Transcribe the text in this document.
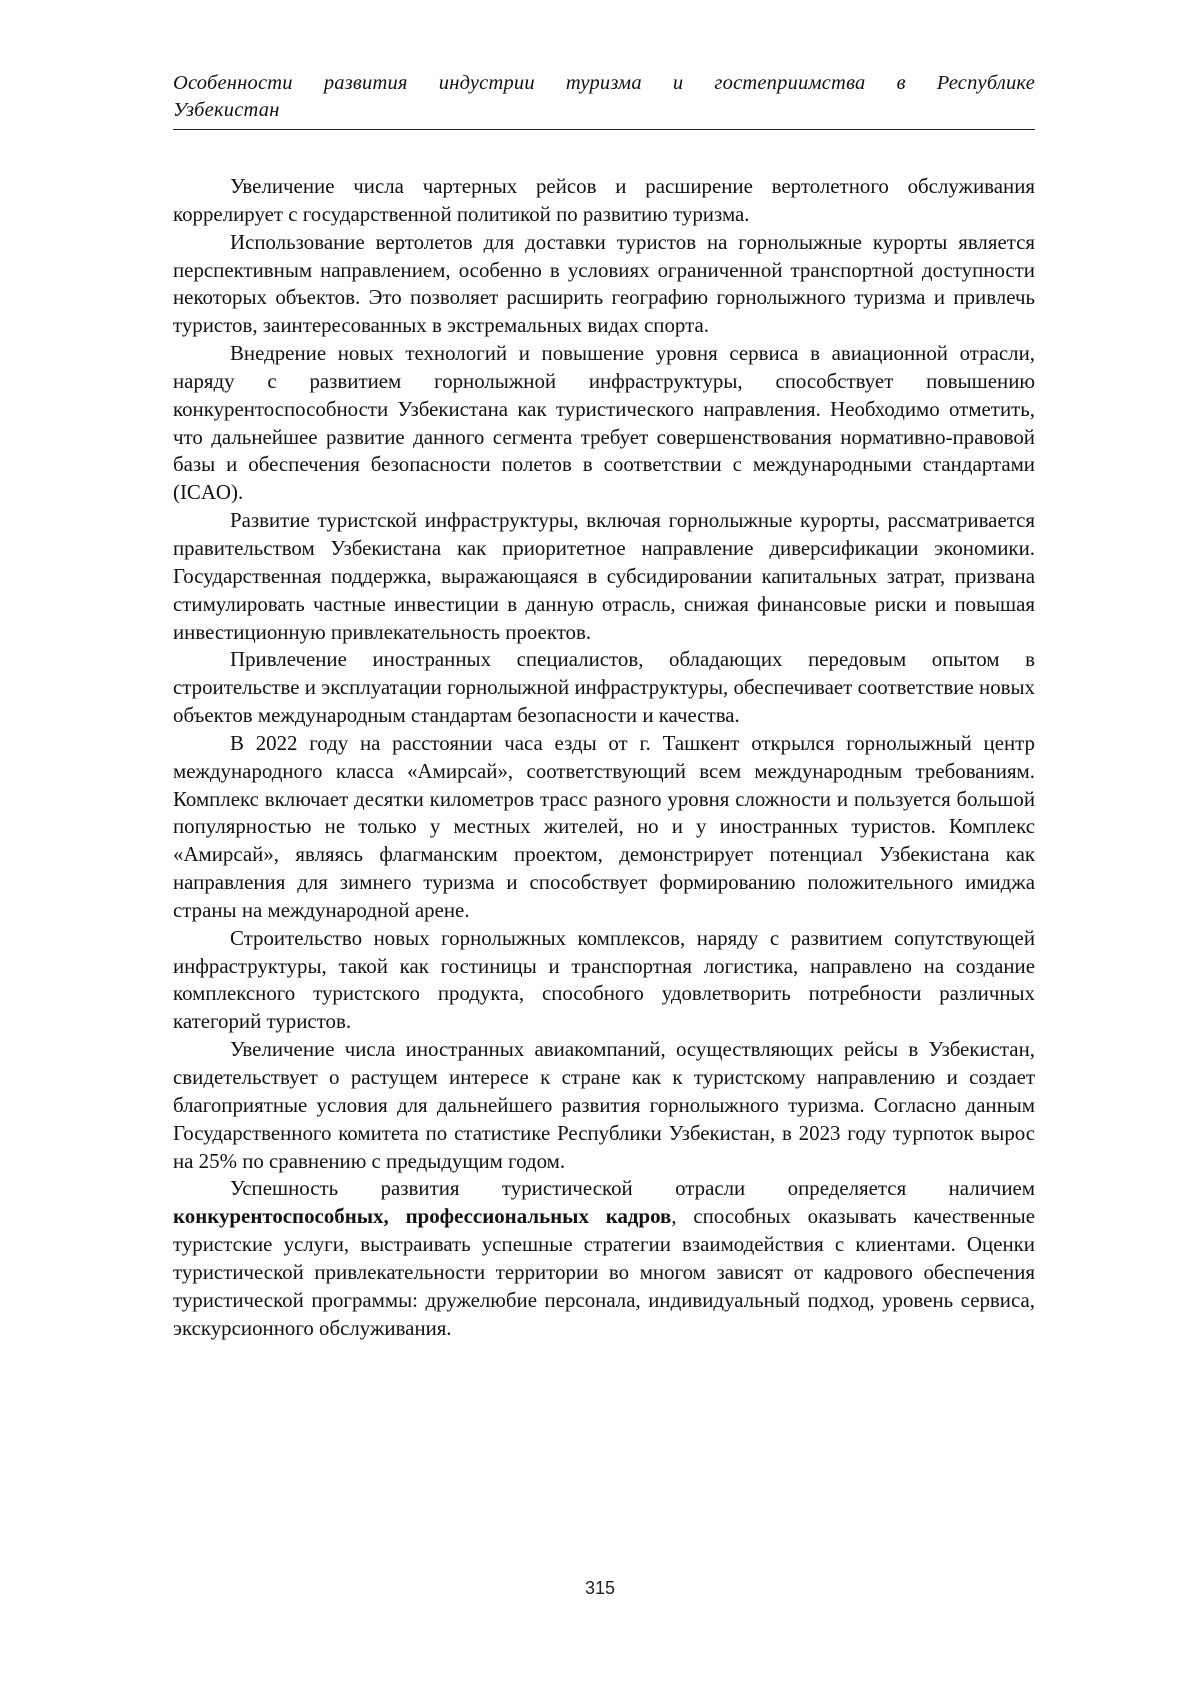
Особенности развития индустрии туризма и гостеприимства в Республике
Узбекистан

Увеличение числа чартерных рейсов и расширение вертолетного обслуживания коррелирует с государственной политикой по развитию туризма.

Использование вертолетов для доставки туристов на горнолыжные курорты является перспективным направлением, особенно в условиях ограниченной транспортной доступности некоторых объектов. Это позволяет расширить географию горнолыжного туризма и привлечь туристов, заинтересованных в экстремальных видах спорта.

Внедрение новых технологий и повышение уровня сервиса в авиационной отрасли, наряду с развитием горнолыжной инфраструктуры, способствует повышению конкурентоспособности Узбекистана как туристического направления. Необходимо отметить, что дальнейшее развитие данного сегмента требует совершенствования нормативно-правовой базы и обеспечения безопасности полетов в соответствии с международными стандартами (ICAO).

Развитие туристской инфраструктуры, включая горнолыжные курорты, рассматривается правительством Узбекистана как приоритетное направление диверсификации экономики. Государственная поддержка, выражающаяся в субсидировании капитальных затрат, призвана стимулировать частные инвестиции в данную отрасль, снижая финансовые риски и повышая инвестиционную привлекательность проектов.

Привлечение иностранных специалистов, обладающих передовым опытом в строительстве и эксплуатации горнолыжной инфраструктуры, обеспечивает соответствие новых объектов международным стандартам безопасности и качества.

В 2022 году на расстоянии часа езды от г. Ташкент открылся горнолыжный центр международного класса «Амирсай», соответствующий всем международным требованиям. Комплекс включает десятки километров трасс разного уровня сложности и пользуется большой популярностью не только у местных жителей, но и у иностранных туристов. Комплекс «Амирсай», являясь флагманским проектом, демонстрирует потенциал Узбекистана как направления для зимнего туризма и способствует формированию положительного имиджа страны на международной арене.

Строительство новых горнолыжных комплексов, наряду с развитием сопутствующей инфраструктуры, такой как гостиницы и транспортная логистика, направлено на создание комплексного туристского продукта, способного удовлетворить потребности различных категорий туристов.

Увеличение числа иностранных авиакомпаний, осуществляющих рейсы в Узбекистан, свидетельствует о растущем интересе к стране как к туристскому направлению и создает благоприятные условия для дальнейшего развития горнолыжного туризма. Согласно данным Государственного комитета по статистике Республики Узбекистан, в 2023 году турпоток вырос на 25% по сравнению с предыдущим годом.

Успешность развития туристической отрасли определяется наличием конкурентоспособных, профессиональных кадров, способных оказывать качественные туристские услуги, выстраивать успешные стратегии взаимодействия с клиентами. Оценки туристической привлекательности территории во многом зависят от кадрового обеспечения туристической программы: дружелюбие персонала, индивидуальный подход, уровень сервиса, экскурсионного обслуживания.

315
